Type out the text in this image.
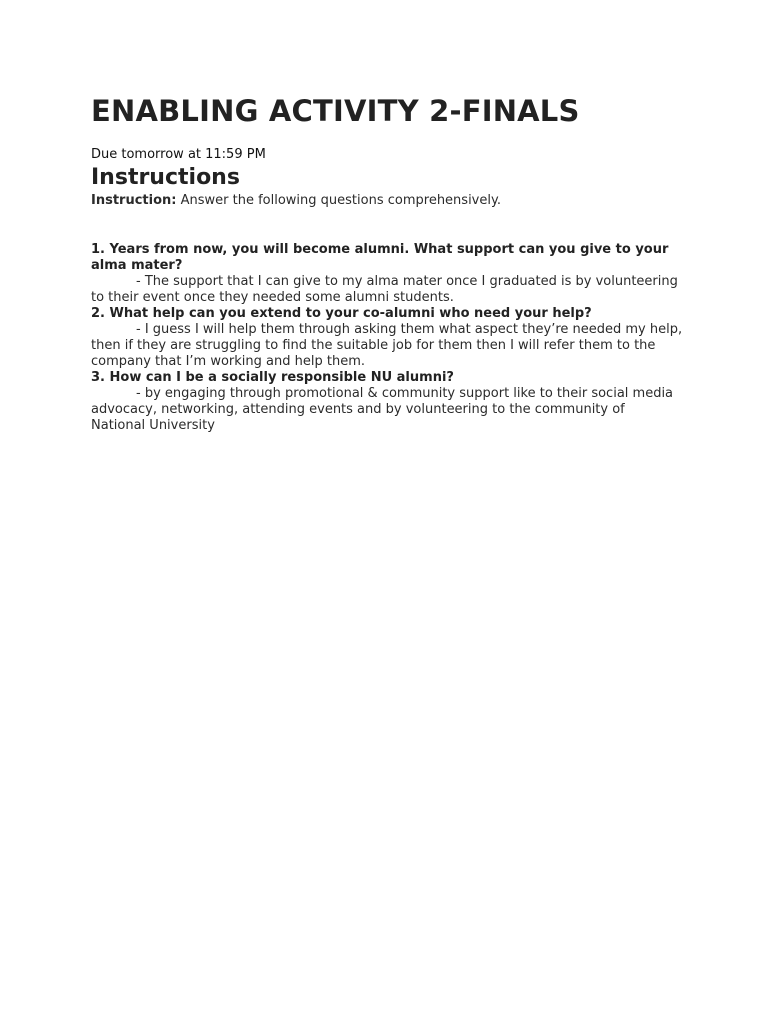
ENABLING ACTIVITY 2-FINALS

Due tomorrow at 11:59 PM

Instructions

Instruction: Answer the following questions comprehensively.

1. Years from now, you will become alumni. What support can you give to your alma mater?

- The support that I can give to my alma mater once I graduated is by volunteering to their event once they needed some alumni students.

2. What help can you extend to your co-alumni who need your help?

- I guess I will help them through asking them what aspect they’re needed my help, then if they are struggling to find the suitable job for them then I will refer them to the company that I’m working and help them.

3. How can I be a socially responsible NU alumni?

- by engaging through promotional & community support like to their social media advocacy, networking, attending events and by volunteering to the community of National University
